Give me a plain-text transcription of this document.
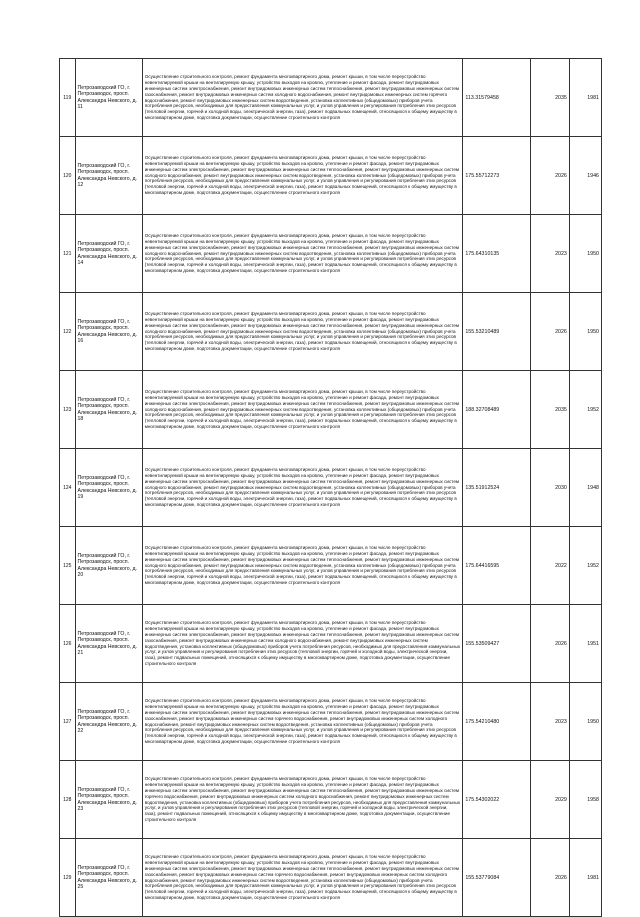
119	Петрозаводский ГО, г. Петрозаводск, просп. Александра Невского, д. 11	Осуществление строительного контроля, ремонт фундамента многоквартирного дома, ремонт крыши, в том числе переустройство невентилируемой крыши на вентилируемую крышу, устройство выходов на кровлю, утепление и ремонт фасада, ремонт внутридомовых инженерных систем электроснабжения, ремонт внутридомовых инженерных систем теплоснабжения, ремонт внутридомовых инженерных систем газоснабжения, ремонт внутридомовых инженерных систем холодного водоснабжения, ремонт внутридомовых инженерных систем горячего водоснабжения, ремонт внутридомовых инженерных систем водоотведения, установка коллективных (общедомовых) приборов учета потребления ресурсов, необходимых для предоставления коммунальных услуг, и узлов управления и регулирования потребления этих ресурсов (тепловой энергии, горячей и холодной воды, электрической энергии, газа), ремонт подвальных помещений, относящихся к общему имуществу в многоквартирном доме, подготовка документации, осуществление строительного контроля	113.31579458	2035	1981
120	Петрозаводский ГО, г. Петрозаводск, просп. Александра Невского, д. 12	Осуществление строительного контроля, ремонт фундамента многоквартирного дома, ремонт крыши, в том числе переустройство невентилируемой крыши на вентилируемую крышу, устройство выходов на кровлю, утепление и ремонт фасада, ремонт внутридомовых инженерных систем электроснабжения, ремонт внутридомовых инженерных систем теплоснабжения, ремонт внутридомовых инженерных систем холодного водоснабжения, ремонт внутридомовых инженерных систем водоотведения, установка коллективных (общедомовых) приборов учета потребления ресурсов, необходимых для предоставления коммунальных услуг, и узлов управления и регулирования потребления этих ресурсов (тепловой энергии, горячей и холодной воды, электрической энергии, газа), ремонт подвальных помещений, относящихся к общему имуществу в многоквартирном доме, подготовка документации, осуществление строительного контроля	175.55712273	2026	1946
121	Петрозаводский ГО, г. Петрозаводск, просп. Александра Невского, д. 14	Осуществление строительного контроля, ремонт фундамента многоквартирного дома, ремонт крыши, в том числе переустройство невентилируемой крыши на вентилируемую крышу, устройство выходов на кровлю, утепление и ремонт фасада, ремонт внутридомовых инженерных систем электроснабжения, ремонт внутридомовых инженерных систем теплоснабжения, ремонт внутридомовых инженерных систем холодного водоснабжения, ремонт внутридомовых инженерных систем водоотведения, установка коллективных (общедомовых) приборов учета потребления ресурсов, необходимых для предоставления коммунальных услуг, и узлов управления и регулирования потребления этих ресурсов (тепловой энергии, горячей и холодной воды, электрической энергии, газа), ремонт подвальных помещений, относящихся к общему имуществу в многоквартирном доме, подготовка документации, осуществление строительного контроля	175.64310135	2023	1950
122	Петрозаводский ГО, г. Петрозаводск, просп. Александра Невского, д. 16	Осуществление строительного контроля, ремонт фундамента многоквартирного дома, ремонт крыши, в том числе переустройство невентилируемой крыши на вентилируемую крышу, устройство выходов на кровлю, утепление и ремонт фасада, ремонт внутридомовых инженерных систем электроснабжения, ремонт внутридомовых инженерных систем теплоснабжения, ремонт внутридомовых инженерных систем холодного водоснабжения, ремонт внутридомовых инженерных систем водоотведения, установка коллективных (общедомовых) приборов учета потребления ресурсов, необходимых для предоставления коммунальных услуг, и узлов управления и регулирования потребления этих ресурсов (тепловой энергии, горячей и холодной воды, электрической энергии, газа), ремонт подвальных помещений, относящихся к общему имуществу в многоквартирном доме, подготовка документации, осуществление строительного контроля	155.53210489	2026	1950
123	Петрозаводский ГО, г. Петрозаводск, просп. Александра Невского, д. 18	Осуществление строительного контроля, ремонт фундамента многоквартирного дома, ремонт крыши, в том числе переустройство невентилируемой крыши на вентилируемую крышу, устройство выходов на кровлю, утепление и ремонт фасада, ремонт внутридомовых инженерных систем электроснабжения, ремонт внутридомовых инженерных систем теплоснабжения, ремонт внутридомовых инженерных систем холодного водоснабжения, ремонт внутридомовых инженерных систем водоотведения, установка коллективных (общедомовых) приборов учета потребления ресурсов, необходимых для предоставления коммунальных услуг, и узлов управления и регулирования потребления этих ресурсов (тепловой энергии, горячей и холодной воды, электрической энергии, газа), ремонт подвальных помещений, относящихся к общему имуществу в многоквартирном доме, подготовка документации, осуществление строительного контроля	188.32708489	2035	1952
124	Петрозаводский ГО, г. Петрозаводск, просп. Александра Невского, д. 19	Осуществление строительного контроля, ремонт фундамента многоквартирного дома, ремонт крыши, в том числе переустройство невентилируемой крыши на вентилируемую крышу, устройство выходов на кровлю, утепление и ремонт фасада, ремонт внутридомовых инженерных систем электроснабжения, ремонт внутридомовых инженерных систем теплоснабжения, ремонт внутридомовых инженерных систем холодного водоснабжения, ремонт внутридомовых инженерных систем водоотведения, установка коллективных (общедомовых) приборов учета потребления ресурсов, необходимых для предоставления коммунальных услуг, и узлов управления и регулирования потребления этих ресурсов (тепловой энергии, горячей и холодной воды, электрической энергии, газа), ремонт подвальных помещений, относящихся к общему имуществу в многоквартирном доме, подготовка документации, осуществление строительного контроля	135.51912524	2030	1948
125	Петрозаводский ГО, г. Петрозаводск, просп. Александра Невского, д. 20	Осуществление строительного контроля, ремонт фундамента многоквартирного дома, ремонт крыши, в том числе переустройство невентилируемой крыши на вентилируемую крышу, устройство выходов на кровлю, утепление и ремонт фасада, ремонт внутридомовых инженерных систем электроснабжения, ремонт внутридомовых инженерных систем теплоснабжения, ремонт внутридомовых инженерных систем холодного водоснабжения, ремонт внутридомовых инженерных систем водоотведения, установка коллективных (общедомовых) приборов учета потребления ресурсов, необходимых для предоставления коммунальных услуг, и узлов управления и регулирования потребления этих ресурсов (тепловой энергии, горячей и холодной воды, электрической энергии, газа), ремонт подвальных помещений, относящихся к общему имуществу в многоквартирном доме, подготовка документации, осуществление строительного контроля	175.64416595	2022	1952
126	Петрозаводский ГО, г. Петрозаводск, просп. Александра Невского, д. 21	Осуществление строительного контроля, ремонт фундамента многоквартирного дома, ремонт крыши, в том числе переустройство невентилируемой крыши на вентилируемую крышу, устройство выходов на кровлю, утепление и ремонт фасада, ремонт внутридомовых инженерных систем электроснабжения, ремонт внутридомовых инженерных систем теплоснабжения, ремонт внутридомовых инженерных систем газоснабжения, ремонт внутридомовых инженерных систем холодного водоснабжения, ремонт внутридомовых инженерных систем водоотведения, установка коллективных (общедомовых) приборов учета потребления ресурсов, необходимых для предоставления коммунальных услуг, и узлов управления и регулирования потребления этих ресурсов (тепловой энергии, горячей и холодной воды, электрической энергии, газа), ремонт подвальных помещений, относящихся к общему имуществу в многоквартирном доме, подготовка документации, осуществление строительного контроля	155.53509427	2026	1951
127	Петрозаводский ГО, г. Петрозаводск, просп. Александра Невского, д. 22	Осуществление строительного контроля, ремонт фундамента многоквартирного дома, ремонт крыши, в том числе переустройство невентилируемой крыши на вентилируемую крышу, устройство выходов на кровлю, утепление и ремонт фасада, ремонт внутридомовых инженерных систем электроснабжения, ремонт внутридомовых инженерных систем теплоснабжения, ремонт внутридомовых инженерных систем газоснабжения, ремонт внутридомовых инженерных систем горячего водоснабжения, ремонт внутридомовых инженерных систем холодного водоснабжения, ремонт внутридомовых инженерных систем водоотведения, установка коллективных (общедомовых) приборов учета потребления ресурсов, необходимых для предоставления коммунальных услуг, и узлов управления и регулирования потребления этих ресурсов (тепловой энергии, горячей и холодной воды, электрической энергии, газа), ремонт подвальных помещений, относящихся к общему имуществу в многоквартирном доме, подготовка документации, осуществление строительного контроля	175.54210480	2023	1950
128	Петрозаводский ГО, г. Петрозаводск, просп. Александра Невского, д. 23	Осуществление строительного контроля, ремонт фундамента многоквартирного дома, ремонт крыши, в том числе переустройство невентилируемой крыши на вентилируемую крышу, устройство выходов на кровлю, утепление и ремонт фасада, ремонт внутридомовых инженерных систем электроснабжения, ремонт внутридомовых инженерных систем теплоснабжения, ремонт внутридомовых инженерных систем горячего водоснабжения, ремонт внутридомовых инженерных систем холодного водоснабжения, ремонт внутридомовых инженерных систем водоотведения, установка коллективных (общедомовых) приборов учета потребления ресурсов, необходимых для предоставления коммунальных услуг, и узлов управления и регулирования потребления этих ресурсов (тепловой энергии, горячей и холодной воды, электрической энергии, газа), ремонт подвальных помещений, относящихся к общему имуществу в многоквартирном доме, подготовка документации, осуществление строительного контроля	175.54302022	2029	1958
129	Петрозаводский ГО, г. Петрозаводск, просп. Александра Невского, д. 25	Осуществление строительного контроля, ремонт фундамента многоквартирного дома, ремонт крыши, в том числе переустройство невентилируемой крыши на вентилируемую крышу, устройство выходов на кровлю, утепление и ремонт фасада, ремонт внутридомовых инженерных систем электроснабжения, ремонт внутридомовых инженерных систем теплоснабжения, ремонт внутридомовых инженерных систем газоснабжения, ремонт внутридомовых инженерных систем горячего водоснабжения, ремонт внутридомовых инженерных систем холодного водоснабжения, ремонт внутридомовых инженерных систем водоотведения, установка коллективных (общедомовых) приборов учета потребления ресурсов, необходимых для предоставления коммунальных услуг, и узлов управления и регулирования потребления этих ресурсов (тепловой энергии, горячей и холодной воды, электрической энергии, газа), ремонт подвальных помещений, относящихся к общему имуществу в многоквартирном доме, подготовка документации, осуществление строительного контроля	155.53779084	2026	1981
